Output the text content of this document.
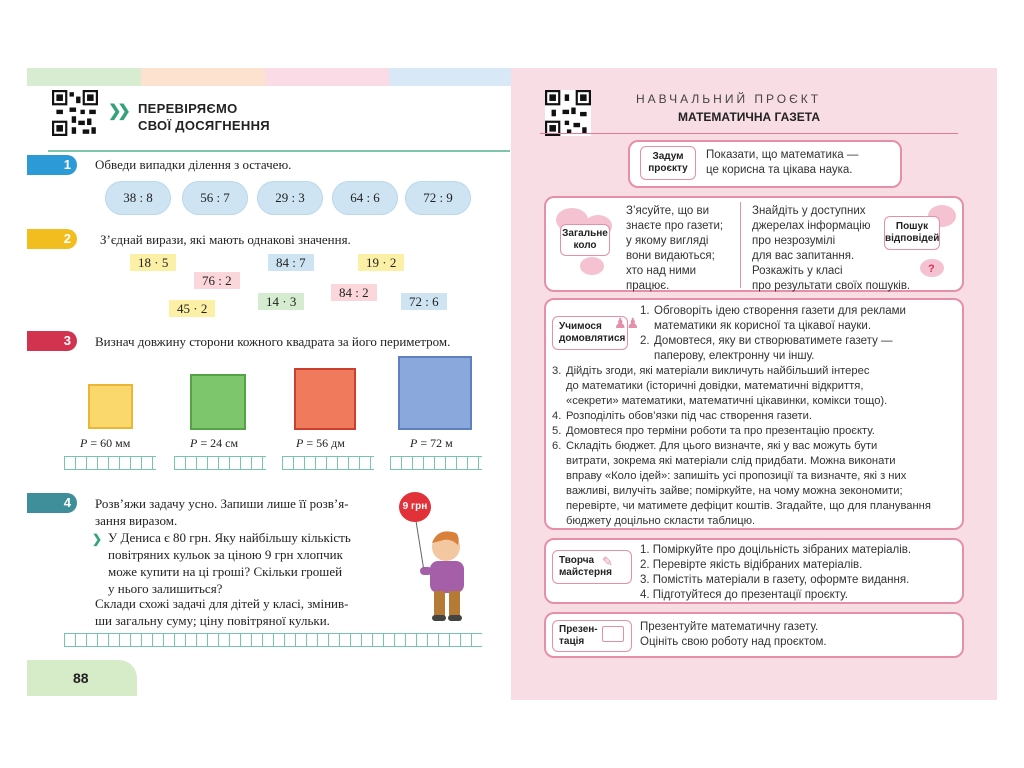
❯❯ ПЕРЕВІРЯЄМО
СВОЇ ДОСЯГНЕННЯ
1	Обведи випадки ділення з остачею.
38 : 8	56 : 7	29 : 3	64 : 6	72 : 9
2	З’єднай вирази, які мають однакові значення.
18 · 5
76 : 2
84 : 7	19 · 2
45 · 2	14 · 3
84 : 2
72 : 6
3	Визнач довжину сторони кожного квадрата за його периметром.
P = 60 мм	P = 24 см	P = 56 дм	P = 72 м
4	Розв’яжи задачу усно. Запиши лише її розв’я-
зання виразом.
❯ У Дениса є 80 грн. Яку найбільшу кількість
повітряних кульок за ціною 9 грн хлопчик
може купити на ці гроші? Скільки грошей
у нього залишиться?
Склади схожі задачі для дітей у класі, змінив-
ши загальну суму; ціну повітряної кульки.
9 грн
88
НАВЧАЛЬНИЙ ПРОЄКТ
МАТЕМАТИЧНА ГАЗЕТА
Задум
проєкту
Показати, що математика —
це корисна та цікава наука.
Загальне
коло
З’ясуйте, що ви
знаєте про газети;
у якому вигляді
вони видаються;
хто над ними
працює.
Знайдіть у доступних
джерелах інформацію
про незрозумілі
для вас запитання.
Розкажіть у класі
про результати своїх пошуків.
?
Пошук
відповідей
Учимося
домовлятися
♟♟
1. Обговоріть ідею створення газети для реклами
математики як корисної та цікавої науки.
2. Домовтеся, яку ви створюватимете газету —
паперову, електронну чи іншу.
3. Дійдіть згоди, які матеріали викличуть найбільший інтерес
до математики (історичні довідки, математичні відкриття,
«секрети» математики, математичні цікавинки, комікси тощо).
4. Розподіліть обов’язки під час створення газети.
5. Домовтеся про терміни роботи та про презентацію проєкту.
6. Складіть бюджет. Для цього визначте, які у вас можуть бути
витрати, зокрема які матеріали слід придбати. Можна виконати
вправу «Коло ідей»: запишіть усі пропозиції та визначте, які з них
важливі, вилучіть зайве; поміркуйте, на чому можна зекономити;
перевірте, чи матимете дефіцит коштів. Згадайте, що для планування
бюджету доцільно скласти таблицю.
Творча
майстерня
✎
1. Поміркуйте про доцільність зібраних матеріалів.
2. Перевірте якість відібраних матеріалів.
3. Помістіть матеріали в газету, оформте видання.
4. Підготуйтеся до презентації проєкту.
Презен-
тація
Презентуйте математичну газету.
Оцініть свою роботу над проєктом.
